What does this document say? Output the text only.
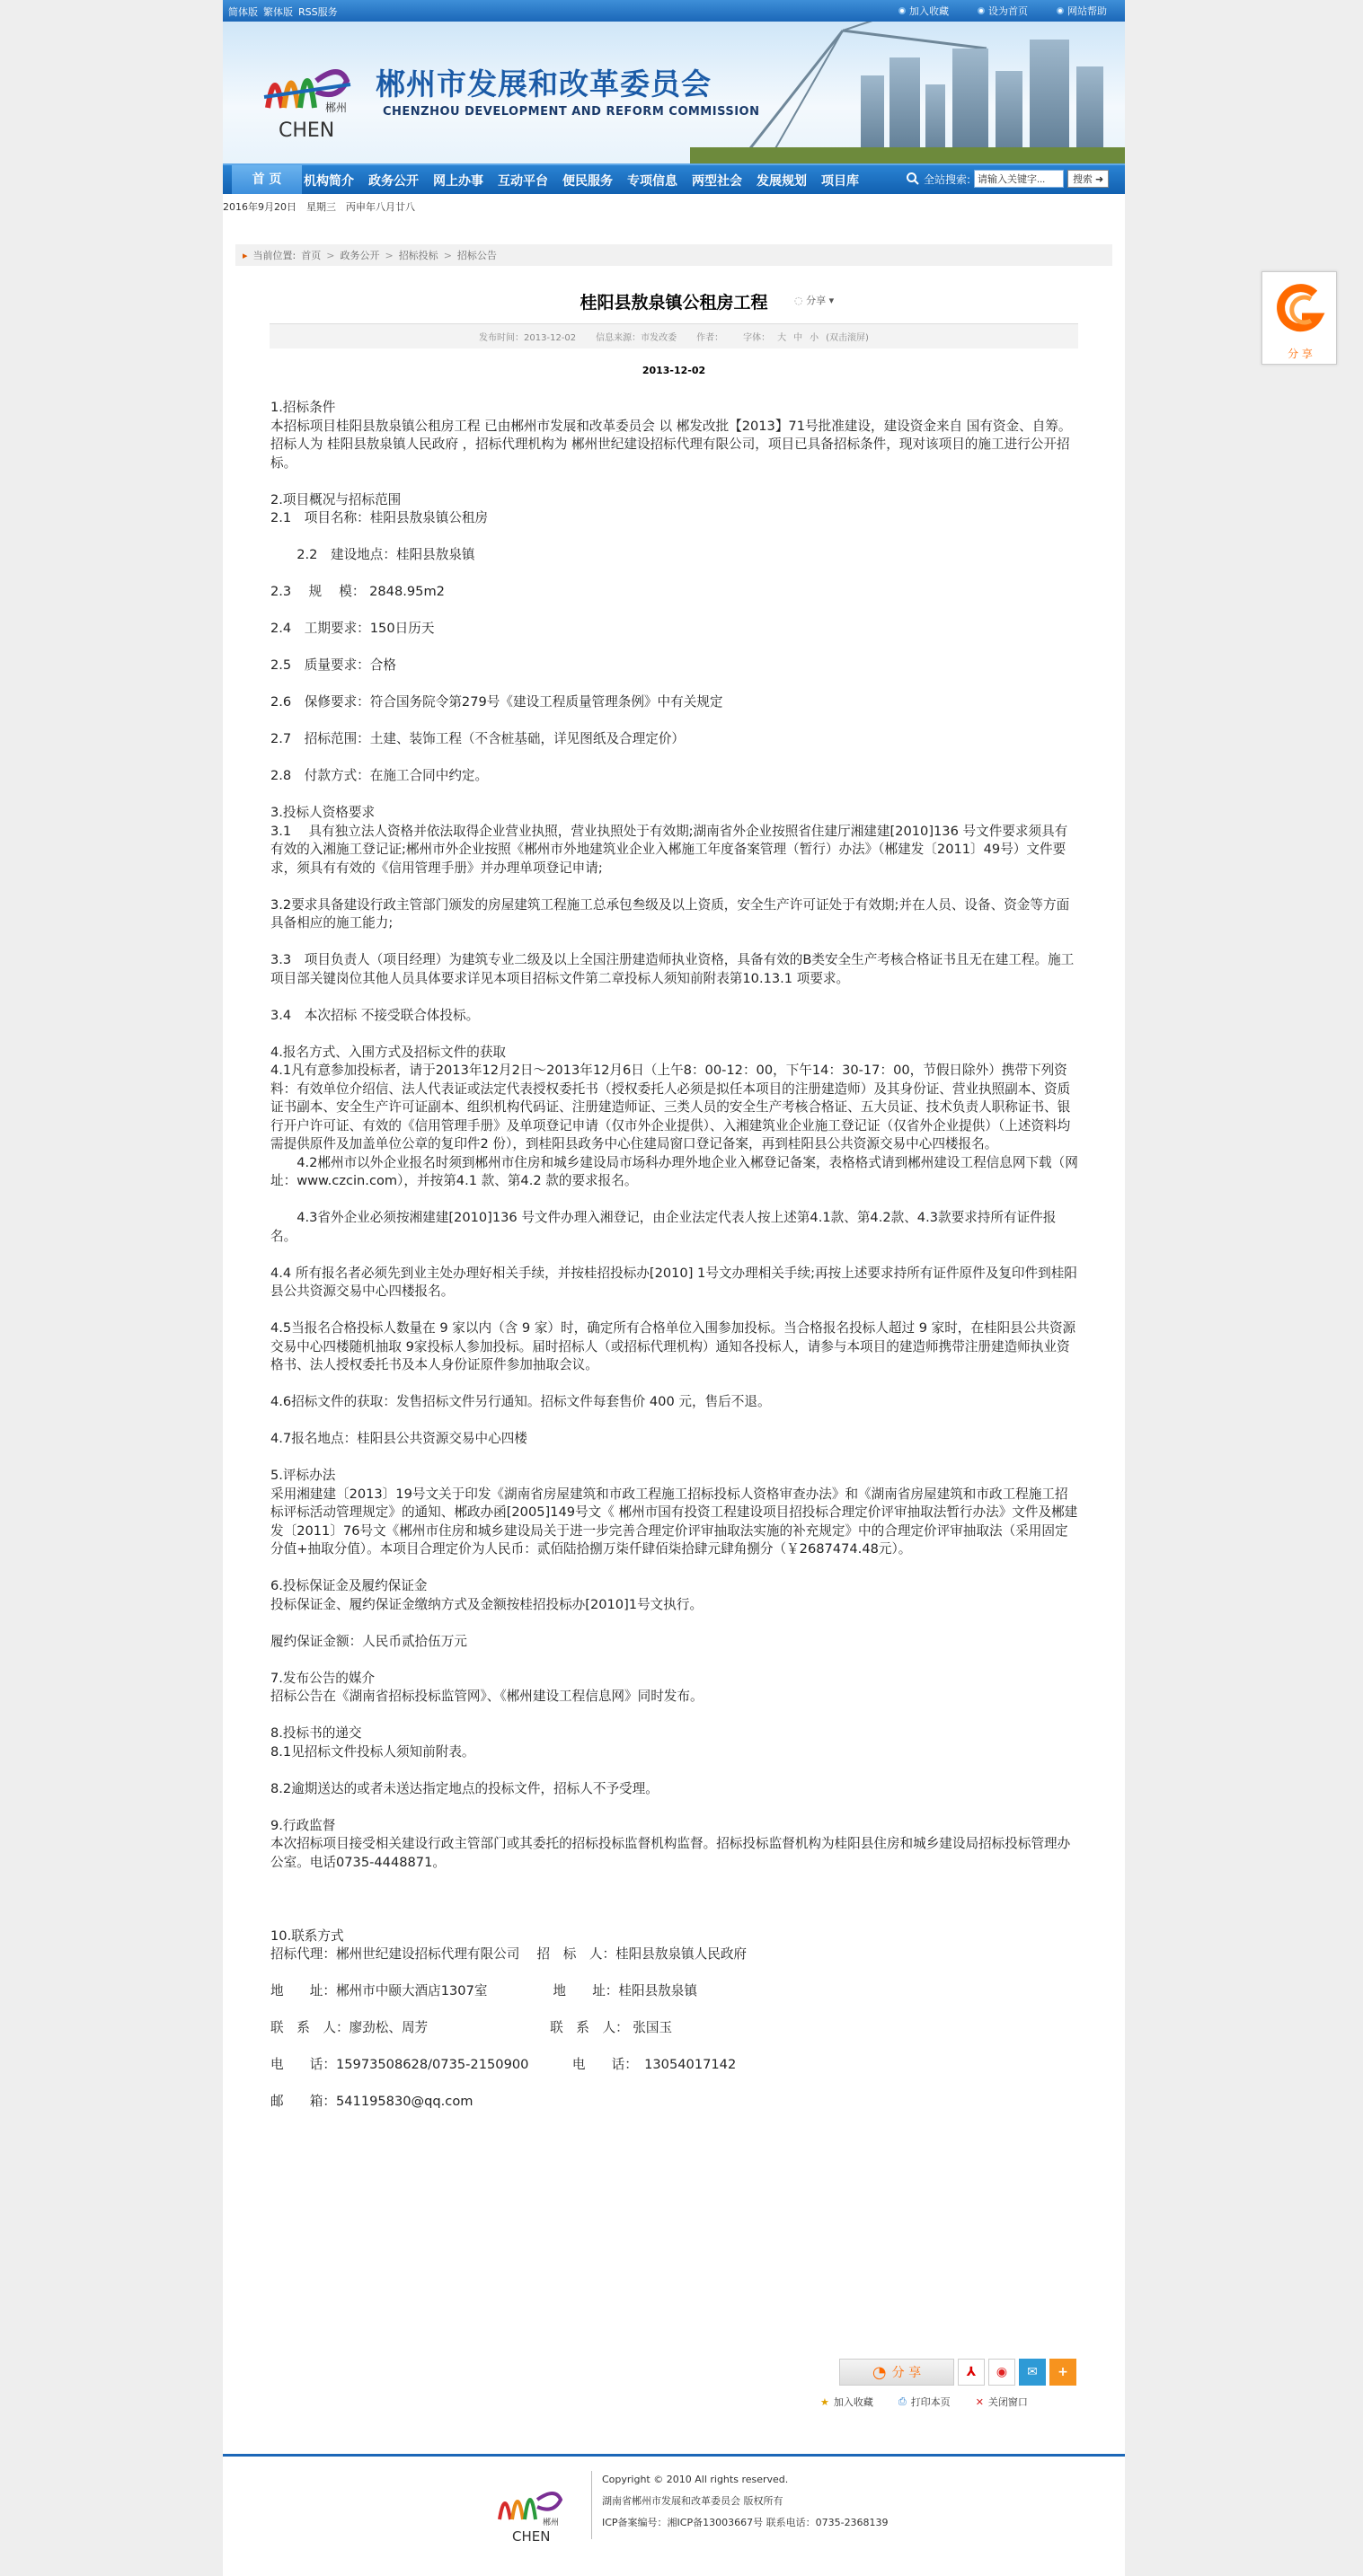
简体版 繁体版 RSS服务	加入收藏	设为首页	网站帮助
郴州
CHEN
郴州市发展和改革委员会
CHENZHOU DEVELOPMENT AND REFORM COMMISSION
首 页	机构简介 政务公开 网上办事 互动平台 便民服务 专项信息 两型社会 发展规划 项目库	全站搜索:
请输入关键字...	搜索 ➜
2016年9月20日　星期三　丙申年八月廿八
▸ 当前位置: 首页 > 政务公开 > 招标投标 > 招标公告
桂阳县敖泉镇公租房工程	◌ 分享 ▾
发布时间：2013-12-02 信息来源：市发改委 作者： 字体： 大 中 小 (双击滚屏)
2013-12-02

1.招标条件

本招标项目桂阳县敖泉镇公租房工程 已由郴州市发展和改革委员会 以 郴发改批【2013】71号批准建设，建设资金来自 国有资金、自筹。招标人为 桂阳县敖泉镇人民政府 ，招标代理机构为 郴州世纪建设招标代理有限公司，项目已具备招标条件，现对该项目的施工进行公开招标。

2.项目概况与招标范围

2.1　项目名称：桂阳县敖泉镇公租房

　　2.2　建设地点：桂阳县敖泉镇

2.3　 规　 模： 2848.95m2

2.4　工期要求：150日历天

2.5　质量要求：合格

2.6　保修要求：符合国务院令第279号《建设工程质量管理条例》中有关规定

2.7　招标范围：土建、装饰工程（不含桩基础，详见图纸及合理定价）

2.8　付款方式：在施工合同中约定。

3.投标人资格要求

3.1　 具有独立法人资格并依法取得企业营业执照，营业执照处于有效期;湖南省外企业按照省住建厅湘建建[2010]136 号文件要求须具有有效的入湘施工登记证;郴州市外企业按照《郴州市外地建筑业企业入郴施工年度备案管理（暂行）办法》（郴建发〔2011〕49号）文件要求，须具有有效的《信用管理手册》并办理单项登记申请;

3.2要求具备建设行政主管部门颁发的房屋建筑工程施工总承包叁级及以上资质，安全生产许可证处于有效期;并在人员、设备、资金等方面具备相应的施工能力;

3.3　项目负责人（项目经理）为建筑专业二级及以上全国注册建造师执业资格，具备有效的B类安全生产考核合格证书且无在建工程。施工项目部关键岗位其他人员具体要求详见本项目招标文件第二章投标人须知前附表第10.13.1 项要求。

3.4　本次招标 不接受联合体投标。

4.报名方式、入围方式及招标文件的获取

4.1凡有意参加投标者，请于2013年12月2日～2013年12月6日（上午8：00-12：00，下午14：30-17：00，节假日除外）携带下列资料：有效单位介绍信、法人代表证或法定代表授权委托书（授权委托人必须是拟任本项目的注册建造师）及其身份证、营业执照副本、资质证书副本、安全生产许可证副本、组织机构代码证、注册建造师证、三类人员的安全生产考核合格证、五大员证、技术负责人职称证书、银行开户许可证、有效的《信用管理手册》及单项登记申请（仅市外企业提供）、入湘建筑业企业施工登记证（仅省外企业提供）（上述资料均需提供原件及加盖单位公章的复印件2 份），到桂阳县政务中心住建局窗口登记备案，再到桂阳县公共资源交易中心四楼报名。

　　4.2郴州市以外企业报名时须到郴州市住房和城乡建设局市场科办理外地企业入郴登记备案，表格格式请到郴州建设工程信息网下载（网址：www.czcin.com），并按第4.1 款、第4.2 款的要求报名。

　　4.3省外企业必须按湘建建[2010]136 号文件办理入湘登记，由企业法定代表人按上述第4.1款、第4.2款、4.3款要求持所有证件报名。

4.4 所有报名者必须先到业主处办理好相关手续，并按桂招投标办[2010] 1号文办理相关手续;再按上述要求持所有证件原件及复印件到桂阳县公共资源交易中心四楼报名。

4.5当报名合格投标人数量在 9 家以内（含 9 家）时，确定所有合格单位入围参加投标。当合格报名投标人超过 9 家时，在桂阳县公共资源交易中心四楼随机抽取 9家投标人参加投标。届时招标人（或招标代理机构）通知各投标人，请参与本项目的建造师携带注册建造师执业资格书、法人授权委托书及本人身份证原件参加抽取会议。

4.6招标文件的获取：发售招标文件另行通知。招标文件每套售价 400 元，售后不退。

4.7报名地点：桂阳县公共资源交易中心四楼

5.评标办法

采用湘建建〔2013〕19号文关于印发《湖南省房屋建筑和市政工程施工招标投标人资格审查办法》和《湖南省房屋建筑和市政工程施工招标评标活动管理规定》的通知、郴政办函[2005]149号文《 郴州市国有投资工程建设项目招投标合理定价评审抽取法暂行办法》文件及郴建发〔2011〕76号文《郴州市住房和城乡建设局关于进一步完善合理定价评审抽取法实施的补充规定》中的合理定价评审抽取法（采用固定分值+抽取分值）。本项目合理定价为人民币：贰佰陆拾捌万柒仟肆佰柒拾肆元肆角捌分（￥2687474.48元）。

6.投标保证金及履约保证金

投标保证金、履约保证金缴纳方式及金额按桂招投标办[2010]1号文执行。

履约保证金额：人民币贰拾伍万元

7.发布公告的媒介

招标公告在《湖南省招标投标监管网》、《郴州建设工程信息网》同时发布。

8.投标书的递交

8.1见招标文件投标人须知前附表。

8.2逾期送达的或者未送达指定地点的投标文件，招标人不予受理。

9.行政监督

本次招标项目接受相关建设行政主管部门或其委托的招标投标监督机构监督。招标投标监督机构为桂阳县住房和城乡建设局招标投标管理办公室。电话0735-4448871。

10.联系方式

招标代理：郴州世纪建设招标代理有限公司　 招　标　人：桂阳县敖泉镇人民政府

地　　址：郴州市中颐大酒店1307室　　　　　地　　址：桂阳县敖泉镇

联　系　人：廖劲松、周芳　　　　　　　　　 联　系　人： 张国玉

电　　话：15973508628/0735-2150900　　　 电　　话：　13054017142

邮　　箱：541195830@qq.com

◔ 分 享	⅄	◉	✉	+
★ 加入收藏	⎙ 打印本页	✕ 关闭窗口
郴州
CHEN
Copyright © 2010 All rights reserved.
湖南省郴州市发展和改革委员会 版权所有
ICP备案编号：湘ICP备13003667号 联系电话：0735-2368139
分 享
